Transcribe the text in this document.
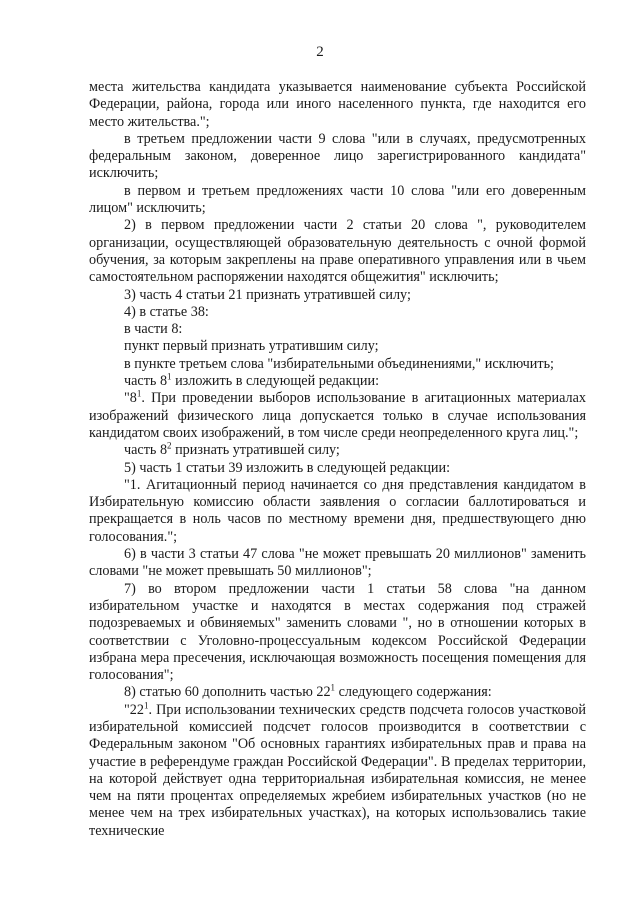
2

места жительства кандидата указывается наименование субъекта Российской Федерации, района, города или иного населенного пункта, где находится его место жительства.";

в третьем предложении части 9 слова "или в случаях, предусмотренных федеральным законом, доверенное лицо зарегистрированного кандидата" исключить;

в первом и третьем предложениях части 10 слова "или его доверенным лицом" исключить;

2) в первом предложении части 2 статьи 20 слова ", руководителем организации, осуществляющей образовательную деятельность с очной формой обучения, за которым закреплены на праве оперативного управления или в чьем самостоятельном распоряжении находятся общежития" исключить;

3) часть 4 статьи 21 признать утратившей силу;

4) в статье 38:

в части 8:

пункт первый признать утратившим силу;

в пункте третьем слова "избирательными объединениями," исключить;

часть $8^1$ изложить в следующей редакции:

"$8^1$. При проведении выборов использование в агитационных материалах изображений физического лица допускается только в случае использования кандидатом своих изображений, в том числе среди неопределенного круга лиц.";

часть $8^2$ признать утратившей силу;

5) часть 1 статьи 39 изложить в следующей редакции:

"1. Агитационный период начинается со дня представления кандидатом в Избирательную комиссию области заявления о согласии баллотироваться и прекращается в ноль часов по местному времени дня, предшествующего дню голосования.";

6) в части 3 статьи 47 слова "не может превышать 20 миллионов" заменить словами "не может превышать 50 миллионов";

7) во втором предложении части 1 статьи 58 слова "на данном избирательном участке и находятся в местах содержания под стражей подозреваемых и обвиняемых" заменить словами ", но в отношении которых в соответствии с Уголовно-процессуальным кодексом Российской Федерации избрана мера пресечения, исключающая возможность посещения помещения для голосования";

8) статью 60 дополнить частью $22^1$ следующего содержания:

"$22^1$. При использовании технических средств подсчета голосов участковой избирательной комиссией подсчет голосов производится в соответствии с Федеральным законом "Об основных гарантиях избирательных прав и права на участие в референдуме граждан Российской Федерации". В пределах территории, на которой действует одна территориальная избирательная комиссия, не менее чем на пяти процентах определяемых жребием избирательных участков (но не менее чем на трех избирательных участках), на которых использовались такие технические
